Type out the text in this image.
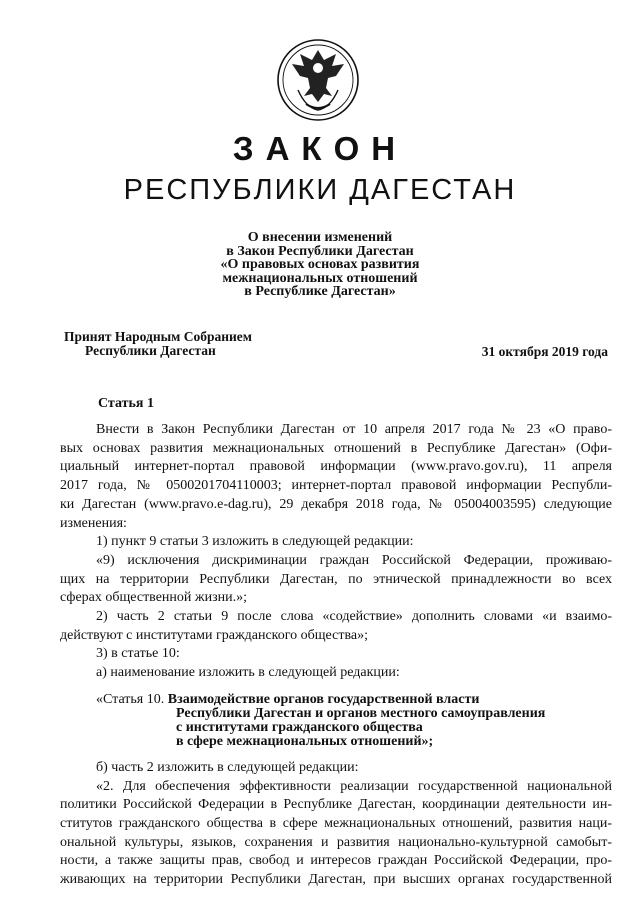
ЗАКОН
РЕСПУБЛИКИ ДАГЕСТАН
О внесении изменений
в Закон Республики Дагестан
«О правовых основах развития
межнациональных отношений
в Республике Дагестан»
Принят Народным Собранием
Республики Дагестан	31 октября 2019 года
Статья 1
Внести в Закон Республики Дагестан от 10 апреля 2017 года № 23 «О право-
вых основах развития межнациональных отношений в Республике Дагестан» (Офи-
циальный интернет-портал правовой информации (www.pravo.gov.ru), 11 апреля
2017 года, № 0500201704110003; интернет-портал правовой информации Республи-
ки Дагестан (www.pravo.e-dag.ru), 29 декабря 2018 года, № 05004003595) следующие
изменения:
1) пункт 9 статьи 3 изложить в следующей редакции:
«9) исключения дискриминации граждан Российской Федерации, проживаю-
щих на территории Республики Дагестан, по этнической принадлежности во всех
сферах общественной жизни.»;
2) часть 2 статьи 9 после слова «содействие» дополнить словами «и взаимо-
действуют с институтами гражданского общества»;
3) в статье 10:
а) наименование изложить в следующей редакции:
«Статья 10. Взаимодействие органов государственной власти
Республики Дагестан и органов местного самоуправления
с институтами гражданского общества
в сфере межнациональных отношений»;
б) часть 2 изложить в следующей редакции:
«2. Для обеспечения эффективности реализации государственной национальной
политики Российской Федерации в Республике Дагестан, координации деятельности ин-
ститутов гражданского общества в сфере межнациональных отношений, развития наци-
ональной культуры, языков, сохранения и развития национально-культурной самобыт-
ности, а также защиты прав, свобод и интересов граждан Российской Федерации, про-
живающих на территории Республики Дагестан, при высших органах государственной
